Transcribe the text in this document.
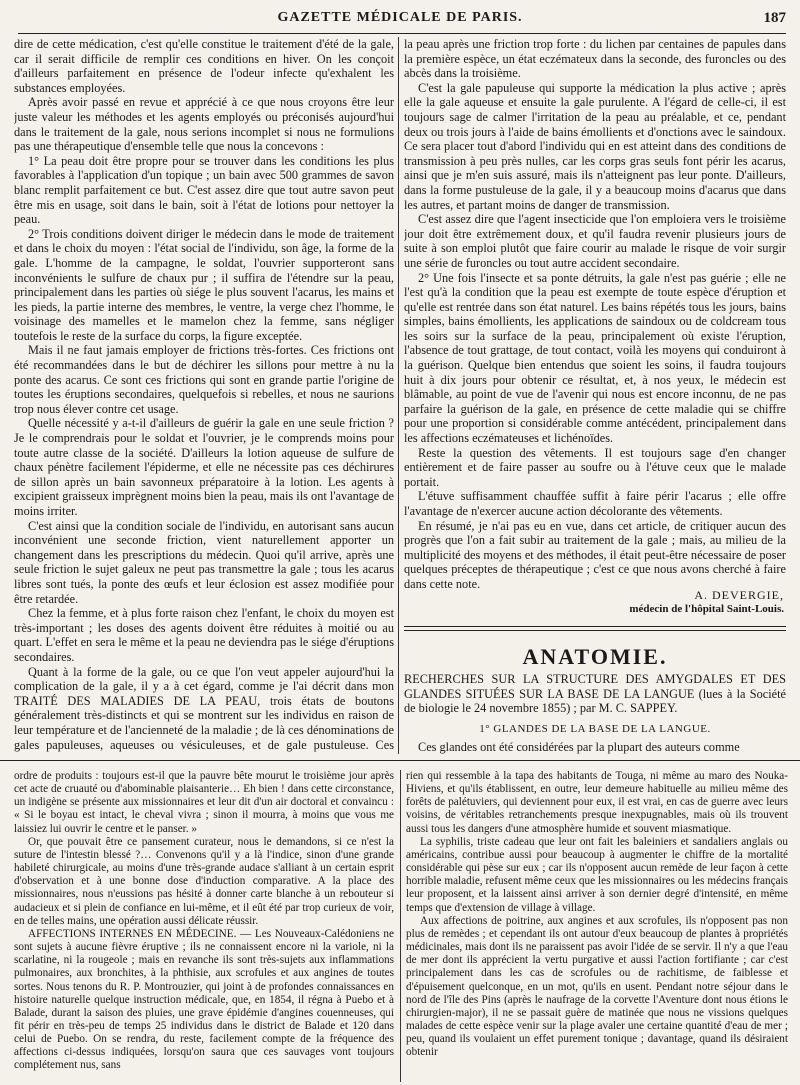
GAZETTE MÉDICALE DE PARIS.	187

dire de cette médication, c'est qu'elle constitue le traitement d'été de la gale, car il serait difficile de remplir ces conditions en hiver. On les conçoit d'ailleurs parfaitement en présence de l'odeur infecte qu'exhalent les substances employées.

Après avoir passé en revue et apprécié à ce que nous croyons être leur juste valeur les méthodes et les agents employés ou préconisés aujourd'hui dans le traitement de la gale, nous serions incomplet si nous ne formulions pas une thérapeutique d'ensemble telle que nous la concevons :

1° La peau doit être propre pour se trouver dans les conditions les plus favorables à l'application d'un topique ; un bain avec 500 grammes de savon blanc remplit parfaitement ce but. C'est assez dire que tout autre savon peut être mis en usage, soit dans le bain, soit à l'état de lotions pour nettoyer la peau.

2° Trois conditions doivent diriger le médecin dans le mode de traitement et dans le choix du moyen : l'état social de l'individu, son âge, la forme de la gale. L'homme de la campagne, le soldat, l'ouvrier supporteront sans inconvénients le sulfure de chaux pur ; il suffira de l'étendre sur la peau, principalement dans les parties où siége le plus souvent l'acarus, les mains et les pieds, la partie interne des membres, le ventre, la verge chez l'homme, le voisinage des mamelles et le mamelon chez la femme, sans négliger toutefois le reste de la surface du corps, la figure exceptée.

Mais il ne faut jamais employer de frictions très-fortes. Ces frictions ont été recommandées dans le but de déchirer les sillons pour mettre à nu la ponte des acarus. Ce sont ces frictions qui sont en grande partie l'origine de toutes les éruptions secondaires, quelquefois si rebelles, et nous ne saurions trop nous élever contre cet usage.

Quelle nécessité y a-t-il d'ailleurs de guérir la gale en une seule friction ? Je le comprendrais pour le soldat et l'ouvrier, je le comprends moins pour toute autre classe de la société. D'ailleurs la lotion aqueuse de sulfure de chaux pénètre facilement l'épiderme, et elle ne nécessite pas ces déchirures de sillon après un bain savonneux préparatoire à la lotion. Les agents à excipient graisseux imprègnent moins bien la peau, mais ils ont l'avantage de moins irriter.

C'est ainsi que la condition sociale de l'individu, en autorisant sans aucun inconvénient une seconde friction, vient naturellement apporter un changement dans les prescriptions du médecin. Quoi qu'il arrive, après une seule friction le sujet galeux ne peut pas transmettre la gale ; tous les acarus libres sont tués, la ponte des œufs et leur éclosion est assez modifiée pour être retardée.

Chez la femme, et à plus forte raison chez l'enfant, le choix du moyen est très-important ; les doses des agents doivent être réduites à moitié ou au quart. L'effet en sera le même et la peau ne deviendra pas le siége d'éruptions secondaires.

Quant à la forme de la gale, ou ce que l'on veut appeler aujourd'hui la complication de la gale, il y a à cet égard, comme je l'ai décrit dans mon TRAITÉ DES MALADIES DE LA PEAU, trois états de boutons généralement très-distincts et qui se montrent sur les individus en raison de leur température et de l'ancienneté de la maladie ; de là ces dénominations de gales papuleuses, aqueuses ou vésiculeuses, et de gale pustuleuse. Ces

la peau après une friction trop forte : du lichen par centaines de papules dans la première espèce, un état eczémateux dans la seconde, des furoncles ou des abcès dans la troisième.

C'est la gale papuleuse qui supporte la médication la plus active ; après elle la gale aqueuse et ensuite la gale purulente. A l'égard de celle-ci, il est toujours sage de calmer l'irritation de la peau au préalable, et ce, pendant deux ou trois jours à l'aide de bains émollients et d'onctions avec le saindoux. Ce sera placer tout d'abord l'individu qui en est atteint dans des conditions de transmission à peu près nulles, car les corps gras seuls font périr les acarus, ainsi que je m'en suis assuré, mais ils n'atteignent pas leur ponte. D'ailleurs, dans la forme pustuleuse de la gale, il y a beaucoup moins d'acarus que dans les autres, et partant moins de danger de transmission.

C'est assez dire que l'agent insecticide que l'on emploiera vers le troisième jour doit être extrêmement doux, et qu'il faudra revenir plusieurs jours de suite à son emploi plutôt que faire courir au malade le risque de voir surgir une série de furoncles ou tout autre accident secondaire.

2° Une fois l'insecte et sa ponte détruits, la gale n'est pas guérie ; elle ne l'est qu'à la condition que la peau est exempte de toute espèce d'éruption et qu'elle est rentrée dans son état naturel. Les bains répétés tous les jours, bains simples, bains émollients, les applications de saindoux ou de coldcream tous les soirs sur la surface de la peau, principalement où existe l'éruption, l'absence de tout grattage, de tout contact, voilà les moyens qui conduiront à la guérison. Quelque bien entendus que soient les soins, il faudra toujours huit à dix jours pour obtenir ce résultat, et, à nos yeux, le médecin est blâmable, au point de vue de l'avenir qui nous est encore inconnu, de ne pas parfaire la guérison de la gale, en présence de cette maladie qui se chiffre pour une proportion si considérable comme antécédent, principalement dans les affections eczémateuses et lichénoïdes.

Reste la question des vêtements. Il est toujours sage d'en changer entièrement et de faire passer au soufre ou à l'étuve ceux que le malade portait.

L'étuve suffisamment chauffée suffit à faire périr l'acarus ; elle offre l'avantage de n'exercer aucune action décolorante des vêtements.

En résumé, je n'ai pas eu en vue, dans cet article, de critiquer aucun des progrès que l'on a fait subir au traitement de la gale ; mais, au milieu de la multiplicité des moyens et des méthodes, il était peut-être nécessaire de poser quelques préceptes de thérapeutique ; c'est ce que nous avons cherché à faire dans cette note.

A. DEVERGIE,
médecin de l'hôpital Saint-Louis.
ANATOMIE.

RECHERCHES SUR LA STRUCTURE DES AMYGDALES ET DES GLANDES SITUÉES SUR LA BASE DE LA LANGUE (lues à la Société de biologie le 24 novembre 1855) ; par M. C. SAPPEY.

1° GLANDES DE LA BASE DE LA LANGUE.

Ces glandes ont été considérées par la plupart des auteurs comme

ordre de produits : toujours est-il que la pauvre bête mourut le troisième jour après cet acte de cruauté ou d'abominable plaisanterie… Eh bien ! dans cette circonstance, un indigène se présente aux missionnaires et leur dit d'un air doctoral et convaincu : « Si le boyau est intact, le cheval vivra ; sinon il mourra, à moins que vous me laissiez lui ouvrir le centre et le panser. »

Or, que pouvait être ce pansement curateur, nous le demandons, si ce n'est la suture de l'intestin blessé ?… Convenons qu'il y a là l'indice, sinon d'une grande habileté chirurgicale, au moins d'une très-grande audace s'alliant à un certain esprit d'observation et à une bonne dose d'induction comparative. A la place des missionnaires, nous n'eussions pas hésité à donner carte blanche à un rebouteur si audacieux et si plein de confiance en lui-même, et il eût été par trop curieux de voir, en de telles mains, une opération aussi délicate réussir.

AFFECTIONS INTERNES EN MÉDECINE. — Les Nouveaux-Calédoniens ne sont sujets à aucune fièvre éruptive ; ils ne connaissent encore ni la variole, ni la scarlatine, ni la rougeole ; mais en revanche ils sont très-sujets aux inflammations pulmonaires, aux bronchites, à la phthisie, aux scrofules et aux angines de toutes sortes. Nous tenons du R. P. Montrouzier, qui joint à de profondes connaissances en histoire naturelle quelque instruction médicale, que, en 1854, il régna à Puebo et à Balade, durant la saison des pluies, une grave épidémie d'angines couenneuses, qui fit périr en très-peu de temps 25 individus dans le district de Balade et 120 dans celui de Puebo. On se rendra, du reste, facilement compte de la fréquence des affections ci-dessus indiquées, lorsqu'on saura que ces sauvages vont toujours complétement nus, sans

rien qui ressemble à la tapa des habitants de Touga, ni même au maro des Nouka-Hiviens, et qu'ils établissent, en outre, leur demeure habituelle au milieu même des forêts de palétuviers, qui deviennent pour eux, il est vrai, en cas de guerre avec leurs voisins, de véritables retranchements presque inexpugnables, mais où ils trouvent aussi tous les dangers d'une atmosphère humide et souvent miasmatique.

La syphilis, triste cadeau que leur ont fait les baleiniers et sandaliers anglais ou américains, contribue aussi pour beaucoup à augmenter le chiffre de la mortalité considérable qui pèse sur eux ; car ils n'opposent aucun remède de leur façon à cette horrible maladie, refusent même ceux que les missionnaires ou les médecins français leur proposent, et la laissent ainsi arriver à son dernier degré d'intensité, en même temps que d'extension de village à village.

Aux affections de poitrine, aux angines et aux scrofules, ils n'opposent pas non plus de remèdes ; et cependant ils ont autour d'eux beaucoup de plantes à propriétés médicinales, mais dont ils ne paraissent pas avoir l'idée de se servir. Il n'y a que l'eau de mer dont ils apprécient la vertu purgative et aussi l'action fortifiante ; car c'est principalement dans les cas de scrofules ou de rachitisme, de faiblesse et d'épuisement quelconque, en un mot, qu'ils en usent. Pendant notre séjour dans le nord de l'île des Pins (après le naufrage de la corvette l'Aventure dont nous étions le chirurgien-major), il ne se passait guère de matinée que nous ne vissions quelques malades de cette espèce venir sur la plage avaler une certaine quantité d'eau de mer ; peu, quand ils voulaient un effet purement tonique ; davantage, quand ils désiraient obtenir
